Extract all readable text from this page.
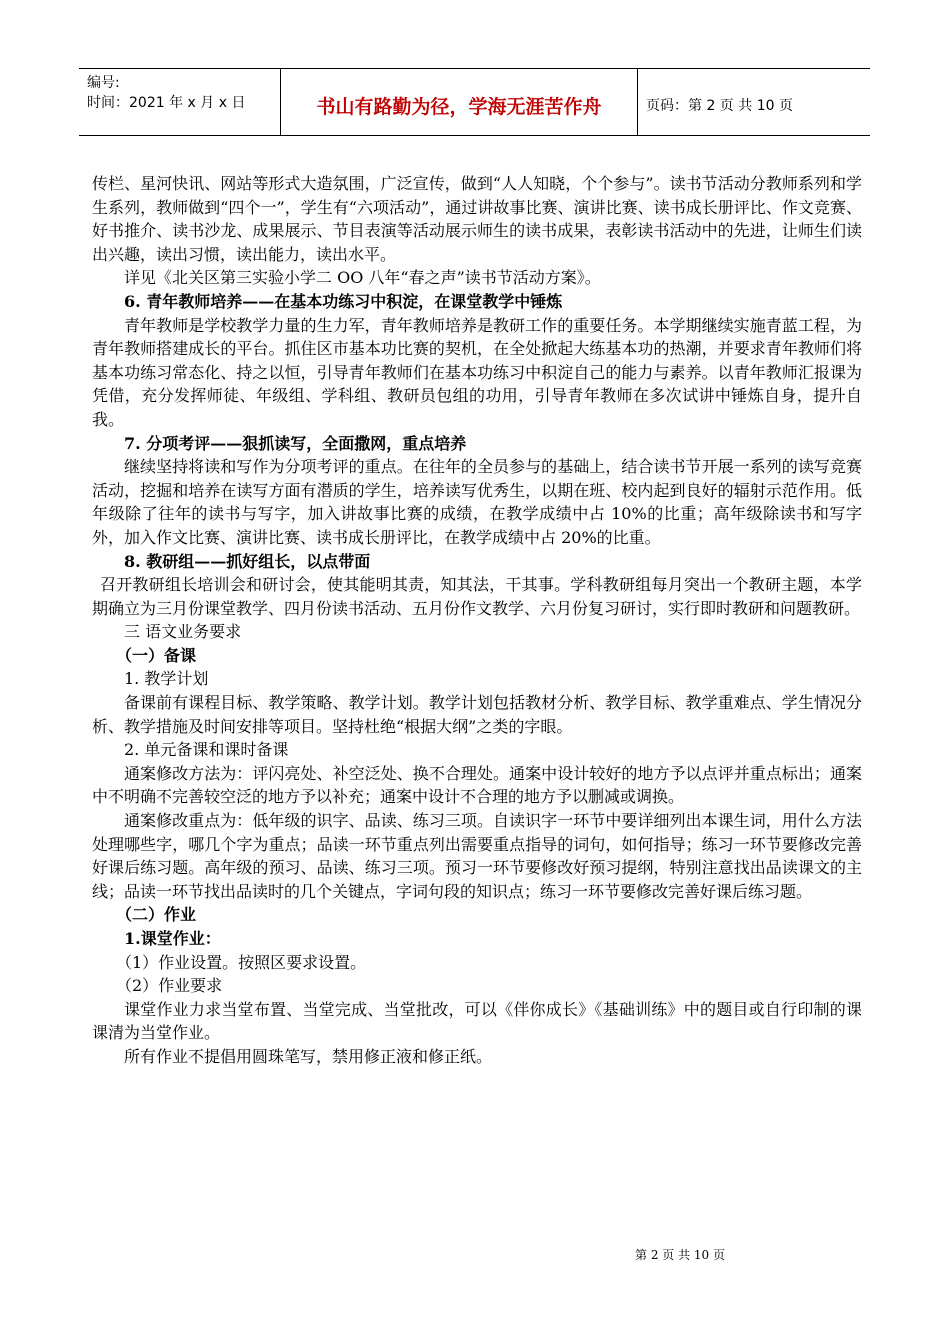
编号:
时间：2021 年 x 月 x 日	书山有路勤为径，学海无涯苦作舟	页码：第 2 页 共 10 页

传栏、星河快讯、网站等形式大造氛围，广泛宣传，做到“人人知晓，个个参与”。读书节活动分教师系列和学生系列，教师做到“四个一”，学生有“六项活动”，通过讲故事比赛、演讲比赛、读书成长册评比、作文竞赛、好书推介、读书沙龙、成果展示、节目表演等活动展示师生的读书成果，表彰读书活动中的先进，让师生们读出兴趣，读出习惯，读出能力，读出水平。

详见《北关区第三实验小学二 OO 八年“春之声”读书节活动方案》。

6. 青年教师培养——在基本功练习中积淀，在课堂教学中锤炼

青年教师是学校教学力量的生力军，青年教师培养是教研工作的重要任务。本学期继续实施青蓝工程，为青年教师搭建成长的平台。抓住区市基本功比赛的契机，在全处掀起大练基本功的热潮，并要求青年教师们将基本功练习常态化、持之以恒，引导青年教师们在基本功练习中积淀自己的能力与素养。以青年教师汇报课为凭借，充分发挥师徒、年级组、学科组、教研员包组的功用，引导青年教师在多次试讲中锤炼自身，提升自我。

7. 分项考评——狠抓读写，全面撒网，重点培养

继续坚持将读和写作为分项考评的重点。在往年的全员参与的基础上，结合读书节开展一系列的读写竞赛活动，挖掘和培养在读写方面有潜质的学生，培养读写优秀生，以期在班、校内起到良好的辐射示范作用。低年级除了往年的读书与写字，加入讲故事比赛的成绩，在教学成绩中占 10%的比重；高年级除读书和写字外，加入作文比赛、演讲比赛、读书成长册评比，在教学成绩中占 20%的比重。

8. 教研组——抓好组长，以点带面

召开教研组长培训会和研讨会，使其能明其责，知其法，干其事。学科教研组每月突出一个教研主题，本学期确立为三月份课堂教学、四月份读书活动、五月份作文教学、六月份复习研讨，实行即时教研和问题教研。

三 语文业务要求

（一）备课

1. 教学计划

备课前有课程目标、教学策略、教学计划。教学计划包括教材分析、教学目标、教学重难点、学生情况分析、教学措施及时间安排等项目。坚持杜绝“根据大纲”之类的字眼。

2. 单元备课和课时备课

通案修改方法为：评闪亮处、补空泛处、换不合理处。通案中设计较好的地方予以点评并重点标出；通案中不明确不完善较空泛的地方予以补充；通案中设计不合理的地方予以删减或调换。

通案修改重点为：低年级的识字、品读、练习三项。自读识字一环节中要详细列出本课生词，用什么方法处理哪些字，哪几个字为重点；品读一环节重点列出需要重点指导的词句，如何指导；练习一环节要修改完善好课后练习题。高年级的预习、品读、练习三项。预习一环节要修改好预习提纲，特别注意找出品读课文的主线；品读一环节找出品读时的几个关键点，字词句段的知识点；练习一环节要修改完善好课后练习题。

（二）作业

1.课堂作业：

（1）作业设置。按照区要求设置。

（2）作业要求

课堂作业力求当堂布置、当堂完成、当堂批改，可以《伴你成长》《基础训练》中的题目或自行印制的课课清为当堂作业。

所有作业不提倡用圆珠笔写，禁用修正液和修正纸。

第 2 页 共 10 页
